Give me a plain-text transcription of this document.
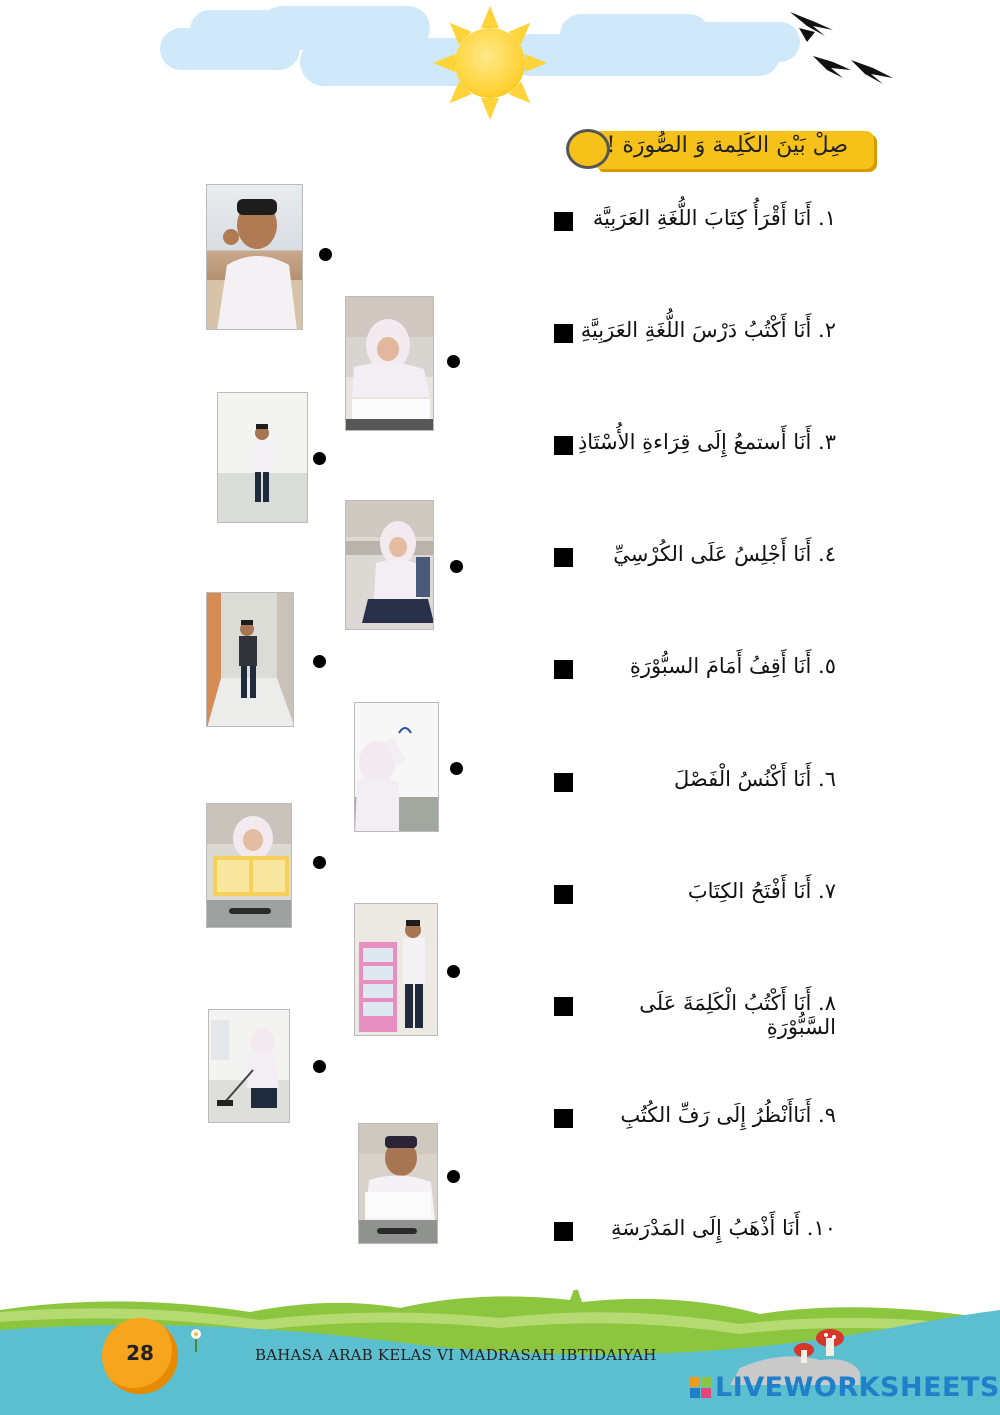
صِلْ بَيْنَ الكَلِمة وَ الصُّورَة !
١. أَنَا أَقْرَأُ كِتَابَ اللُّغَةِ العَرَبِيَّة
٢. أَنَا أَكْتُبُ دَرْسَ اللُّغَةِ العَرَبِيَّةِ
٣. أَنَا أَستمعُ إِلَى قِرَاءةِ الأُسْتَاذِ
٤. أَنَا أَجْلِسُ عَلَى الكُرْسِيِّ
٥. أَنَا أَقِفُ أَمَامَ السبُّوْرَةِ
٦. أَنَا أَكْنُسُ الْفَصْلَ
٧. أَنَا أَفْتَحُ الكِتَابَ
٨. أَنَا أَكْتُبُ الْكَلِمَةَ عَلَى السَّبُّوْرَةِ
٩. أَنَاأَنْظُرُ إِلَى رَفِّ الكُتُبِ
١٠. أَنَا أَذْهَبُ إِلَى المَدْرَسَةِ
28	BAHASA ARAB KELAS VI MADRASAH IBTIDAIYAH
LIVEWORKSHEETS
